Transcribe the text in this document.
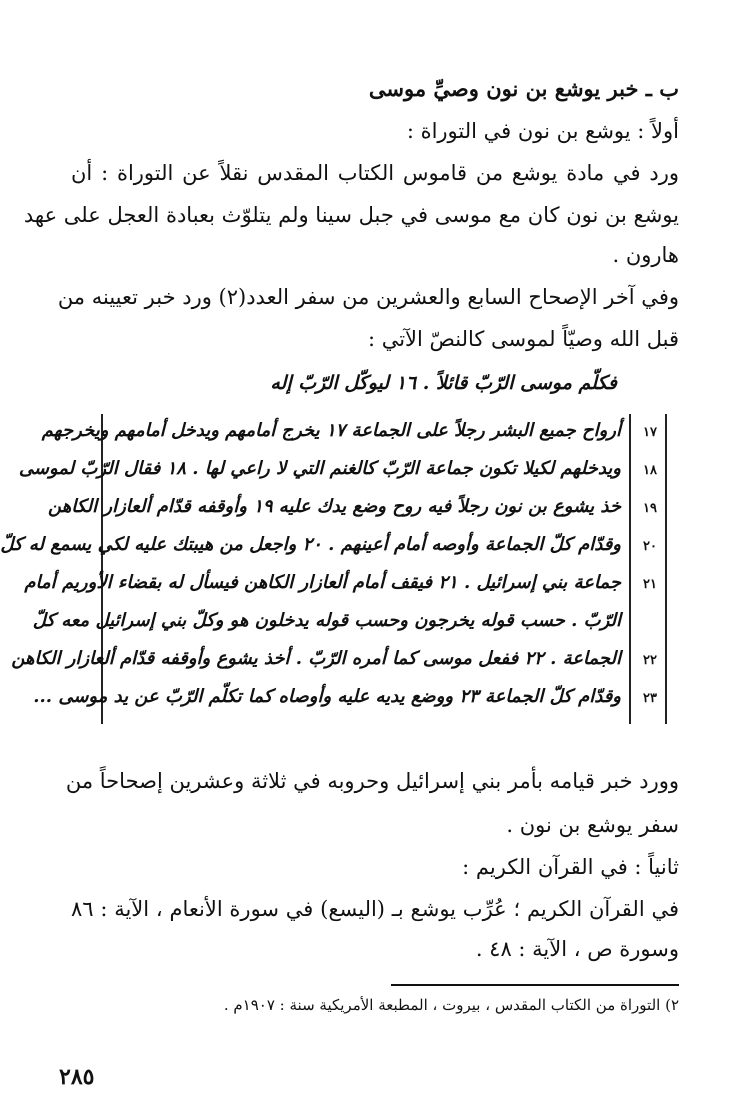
ب ـ خبر يوشع بن نون وصيِّ موسى
أولاً : يوشع بن نون في التوراة :
ورد في مادة يوشع من قاموس الكتاب المقدس نقلاً عن التوراة : أن
يوشع بن نون كان مع موسى في جبل سينا ولم يتلوّث بعبادة العجل على عهد
هارون .
وفي آخر الإصحاح السابع والعشرين من سفر العدد(٢) ورد خبر تعيينه من
قبل الله وصيّاً لموسى كالنصّ الآتي :
فكلّم موسى الرّبّ قائلاً . ١٦ ليوكّل الرّبّ إله
١٧
أرواح جميع البشر رجلاً على الجماعة ١٧ يخرج أمامهم ويدخل أمامهم ويخرجهم
١٨
ويدخلهم لكيلا تكون جماعة الرّبّ كالغنم التي لا راعي لها . ١٨ فقال الرّبّ لموسى
١٩
خذ يشوع بن نون رجلاً فيه روح وضع يدك عليه ١٩ وأوقفه قدّام ألعازار الكاهن
٢٠
وقدّام كلّ الجماعة وأوصه أمام أعينهم . ٢٠ واجعل من هيبتك عليه لكي يسمع له كلّ
٢١
جماعة بني إسرائيل . ٢١ فيقف أمام ألعازار الكاهن فيسأل له بقضاء الأوريم أمام
الرّبّ . حسب قوله يخرجون وحسب قوله يدخلون هو وكلّ بني إسرائيل معه كلّ
٢٢
الجماعة . ٢٢ ففعل موسى كما أمره الرّبّ . أخذ يشوع وأوقفه قدّام ألعازار الكاهن
٢٣
وقدّام كلّ الجماعة ٢٣ ووضع يديه عليه وأوصاه كما تكلّم الرّبّ عن يد موسى ...
وورد خبر قيامه بأمر بني إسرائيل وحروبه في ثلاثة وعشرين إصحاحاً من
سفر يوشع بن نون .
ثانياً : في القرآن الكريم :
في القرآن الكريم ؛ عُرِّب يوشع بـ (اليسع) في سورة الأنعام ، الآية : ٨٦
وسورة ص ، الآية : ٤٨ .
٢) التوراة من الكتاب المقدس ، بيروت ، المطبعة الأمريكية سنة : ١٩٠٧م .
٢٨٥
